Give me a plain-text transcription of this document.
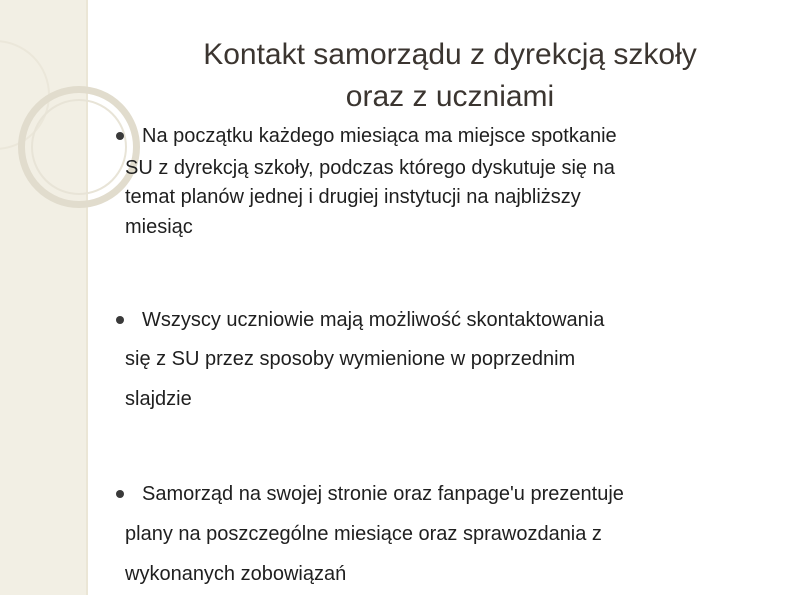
Kontakt samorządu z dyrekcją szkoły
oraz z uczniami
Na początku każdego miesiąca ma miejsce spotkanie
SU z dyrekcją szkoły, podczas którego dyskutuje się na
temat planów jednej i drugiej instytucji na najbliższy
miesiąc
Wszyscy uczniowie mają możliwość skontaktowania
się z SU przez sposoby wymienione w poprzednim
slajdzie
Samorząd na swojej stronie oraz fanpage'u prezentuje
plany na poszczególne miesiące oraz sprawozdania z
wykonanych zobowiązań
